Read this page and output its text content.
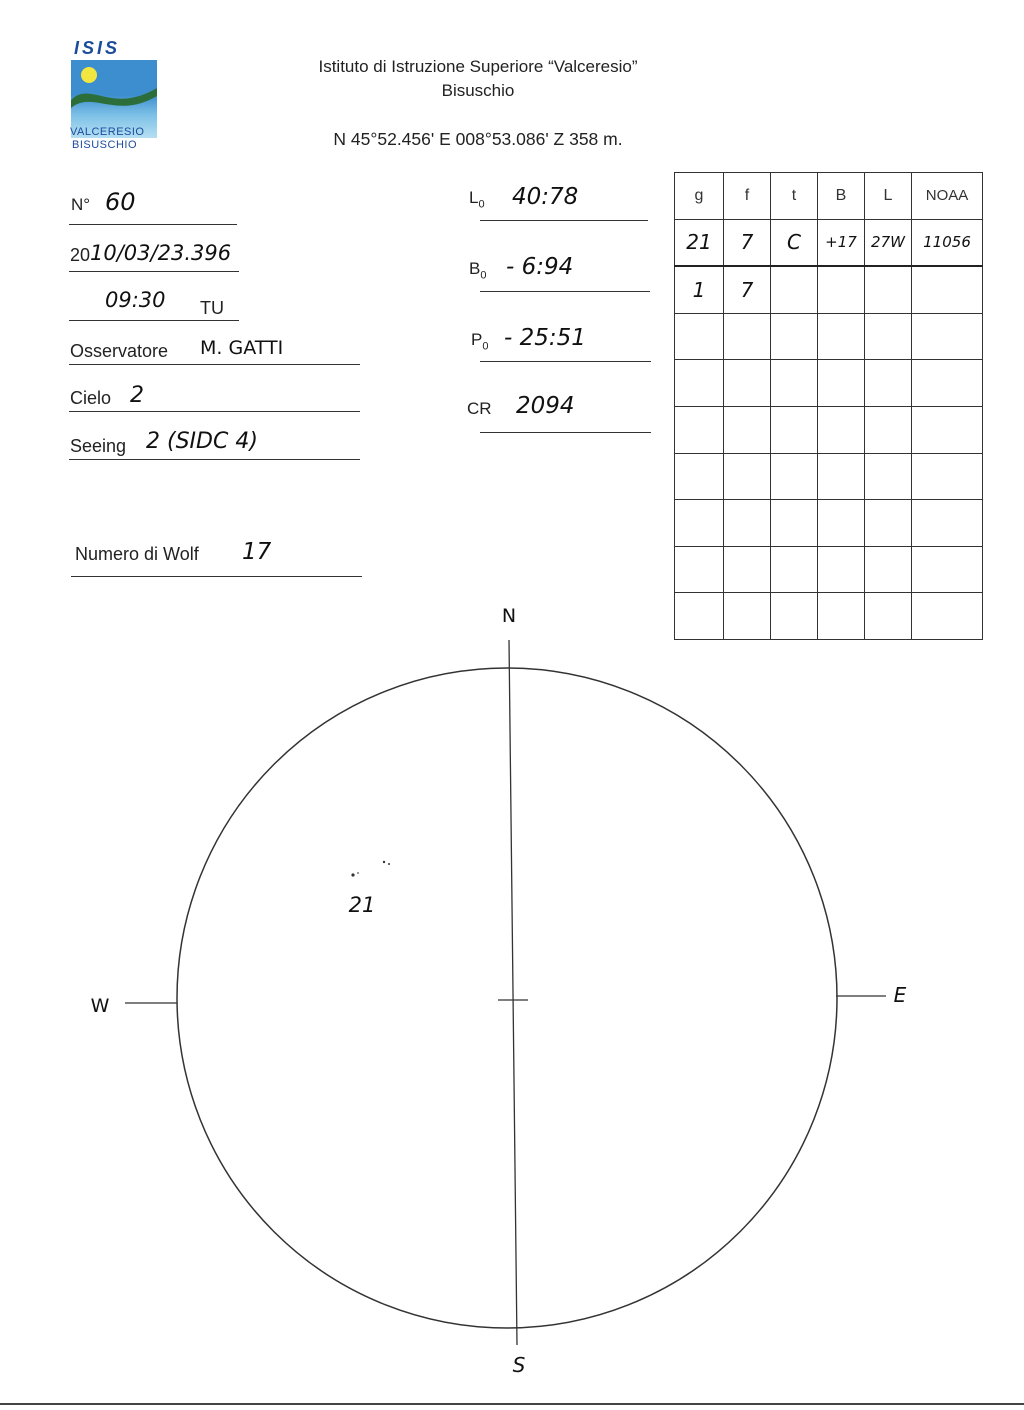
ISIS
VALCERESIO
BISUSCHIO
Istituto di Istruzione Superiore “Valceresio”
Bisuschio
N 45°52.456' E 008°53.086' Z 358 m.
N° 60
20 10/03/23.396
09:30 TU
Osservatore M. GATTI
Cielo 2
Seeing 2 (SIDC 4)
Numero di Wolf 17
$L_0$ 40:78
$B_0$ - 6:94
$P_0$ - 25:51
CR 2094
g	f	t	B	L	NOAA
21	7	C	+17	27W	11056
1	7				

N
S
E
W
21
